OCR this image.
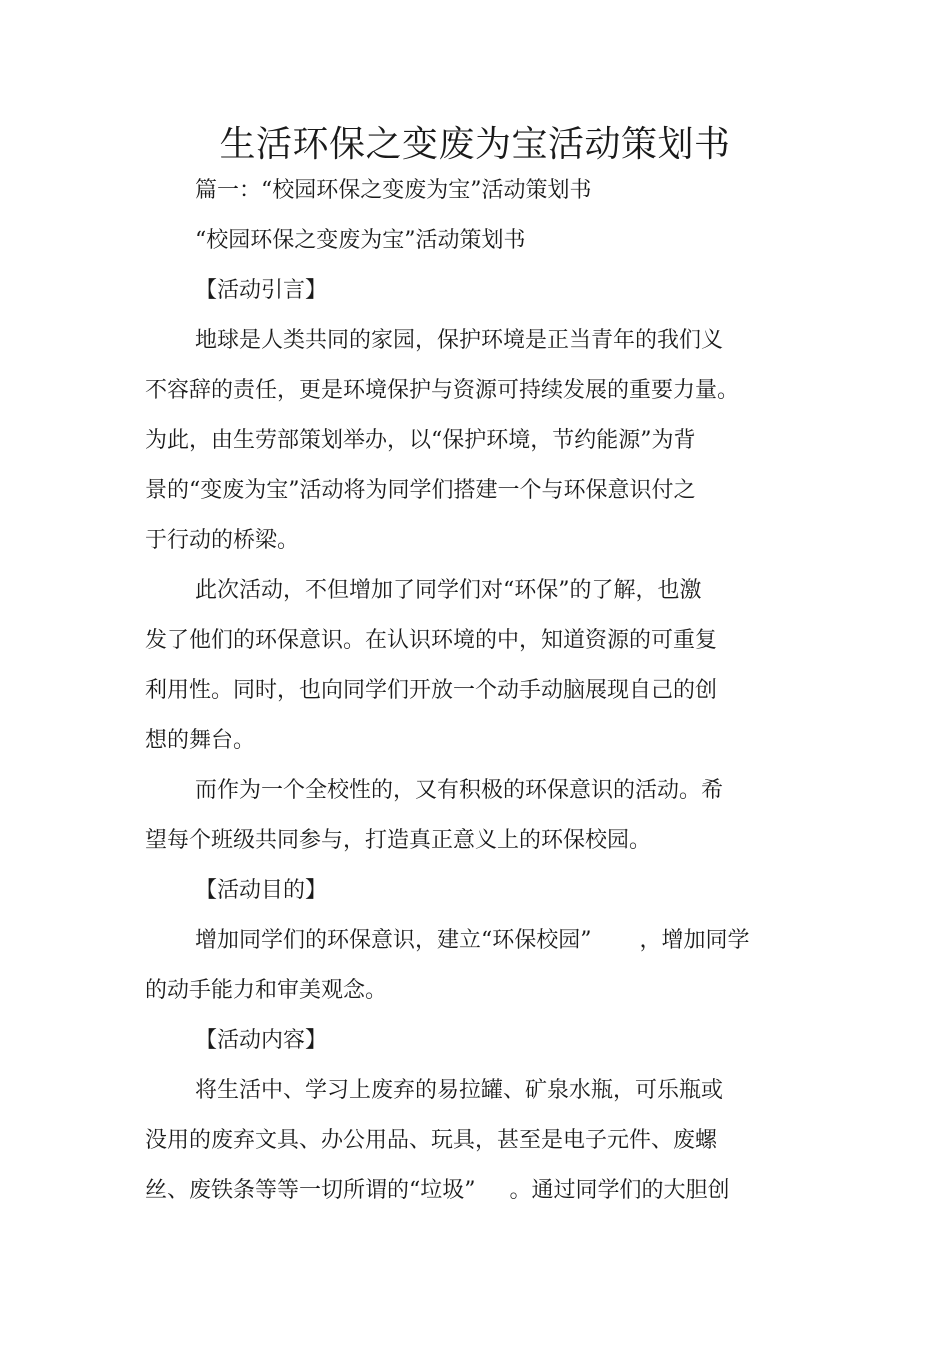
生活环保之变废为宝活动策划书

篇一：“校园环保之变废为宝”活动策划书

“校园环保之变废为宝”活动策划书

【活动引言】

地球是人类共同的家园，保护环境是正当青年的我们义

不容辞的责任，更是环境保护与资源可持续发展的重要力量。

为此，由生劳部策划举办，以“保护环境，节约能源”为背

景的“变废为宝”活动将为同学们搭建一个与环保意识付之

于行动的桥梁。

此次活动，不但增加了同学们对“环保”的了解，也激

发了他们的环保意识。在认识环境的中，知道资源的可重复

利用性。同时，也向同学们开放一个动手动脑展现自己的创

想的舞台。

而作为一个全校性的，又有积极的环保意识的活动。希

望每个班级共同参与，打造真正意义上的环保校园。

【活动目的】

增加同学们的环保意识，建立“环保校园” ，增加同学

的动手能力和审美观念。

【活动内容】

将生活中、学习上废弃的易拉罐、矿泉水瓶，可乐瓶或

没用的废弃文具、办公用品、玩具，甚至是电子元件、废螺

丝、废铁条等等一切所谓的“垃圾” 。通过同学们的大胆创
